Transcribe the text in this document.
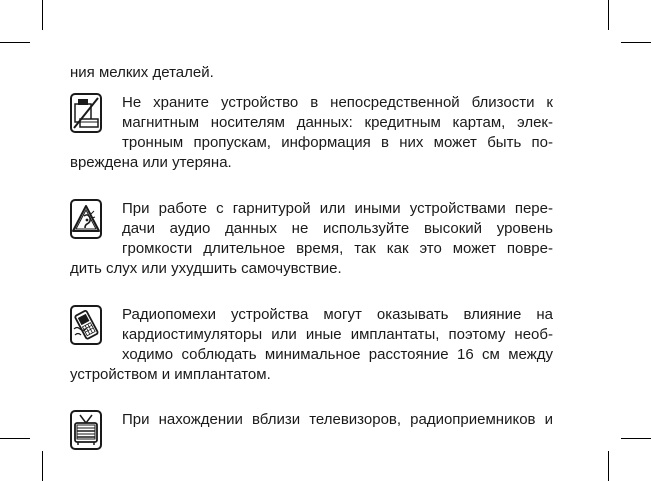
ния мелких деталей.
Не храните устройство в непосредственной близости к
магнитным носителям данных: кредитным картам, элек-
тронным пропускам, информация в них может быть по-
вреждена или утеряна.
При работе с гарнитурой или иными устройствами пере-
дачи аудио данных не используйте высокий уровень
громкости длительное время, так как это может повре-
дить слух или ухудшить самочувствие.
Радиопомехи устройства могут оказывать влияние на
кардиостимуляторы или иные имплантаты, поэтому необ-
ходимо соблюдать минимальное расстояние 16 см между
устройством и имплантатом.
При нахождении вблизи телевизоров, радиоприемников и
